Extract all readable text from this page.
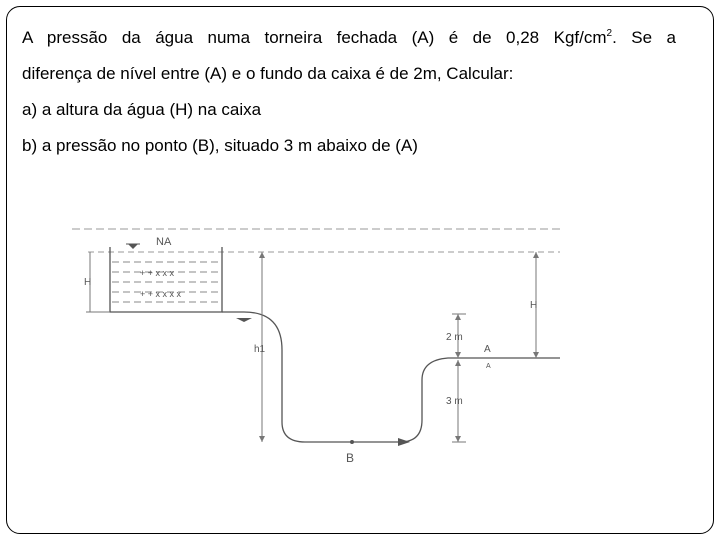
A pressão da água numa torneira fechada (A) é de 0,28 Kgf/$cm^2$. Se a

diferença de nível entre (A) e o fundo da caixa é de 2m, Calcular:

a) a altura da água (H) na caixa

b) a pressão no ponto (B), situado 3 m abaixo de (A)

+ + x x x
+ + x x x x
NA
H
h1
2 m
A
A
3 m
H
B
